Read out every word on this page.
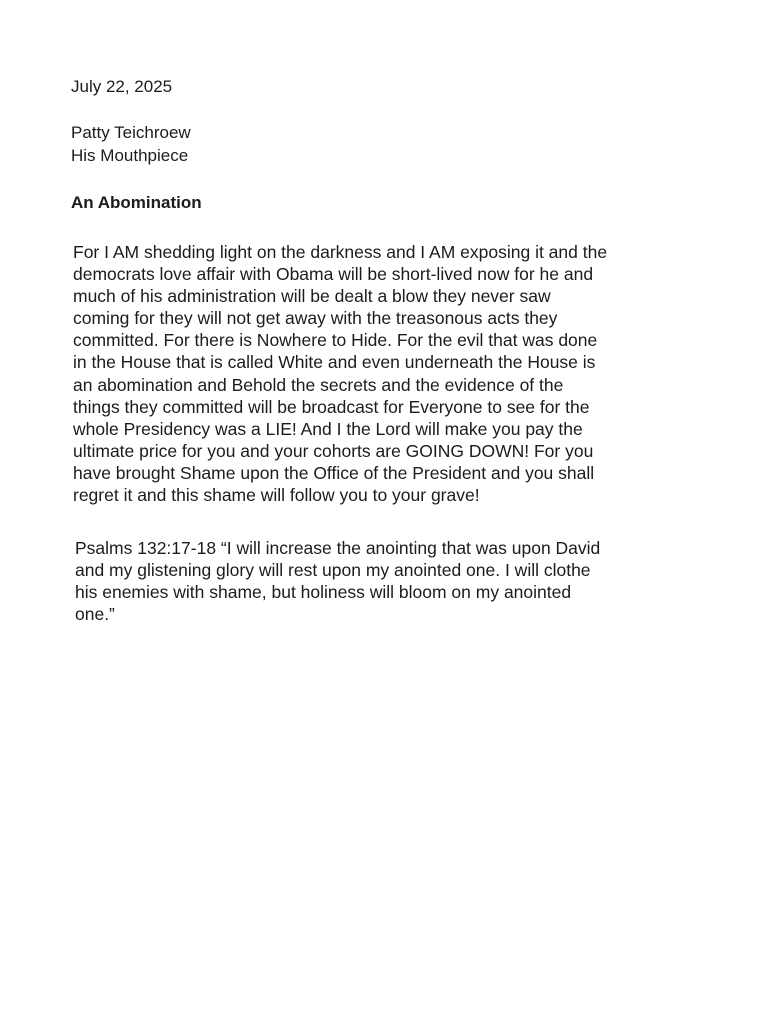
July 22, 2025
Patty Teichroew
His Mouthpiece
An Abomination
For I AM shedding light on the darkness and I AM exposing it and the
democrats love affair with Obama will be short-lived now for he and
much of his administration will be dealt a blow they never saw
coming for they will not get away with the treasonous acts they
committed. For there is Nowhere to Hide. For the evil that was done
in the House that is called White and even underneath the House is
an abomination and Behold the secrets and the evidence of the
things they committed will be broadcast for Everyone to see for the
whole Presidency was a LIE! And I the Lord will make you pay the
ultimate price for you and your cohorts are GOING DOWN! For you
have brought Shame upon the Office of the President and you shall
regret it and this shame will follow you to your grave!
Psalms 132:17-18 “I will increase the anointing that was upon David
and my glistening glory will rest upon my anointed one. I will clothe
his enemies with shame, but holiness will bloom on my anointed
one.”
